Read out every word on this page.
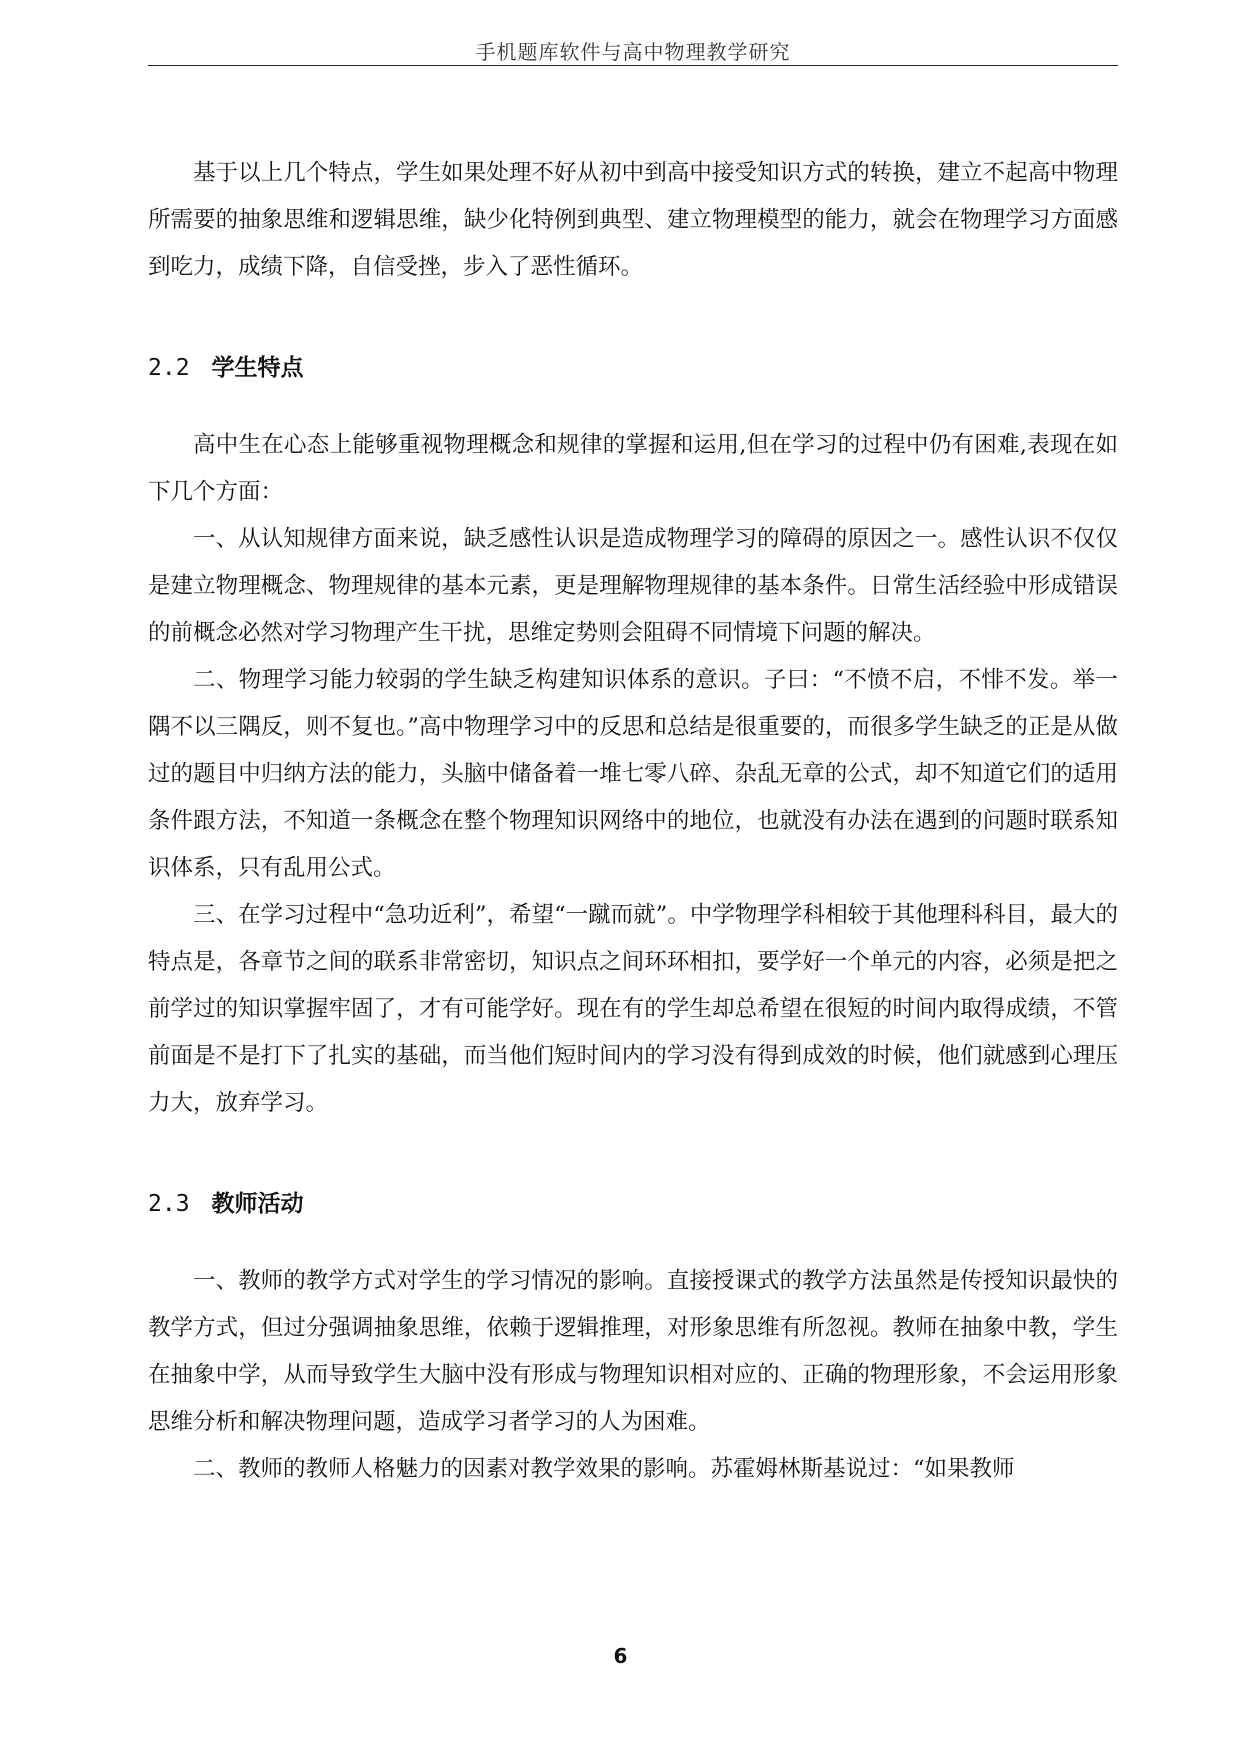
手机题库软件与高中物理教学研究

基于以上几个特点，学生如果处理不好从初中到高中接受知识方式的转换，建立不起高中物理所需要的抽象思维和逻辑思维，缺少化特例到典型、建立物理模型的能力，就会在物理学习方面感到吃力，成绩下降，自信受挫，步入了恶性循环。

2.2 学生特点

高中生在心态上能够重视物理概念和规律的掌握和运用,但在学习的过程中仍有困难,表现在如下几个方面：

一、从认知规律方面来说，缺乏感性认识是造成物理学习的障碍的原因之一。感性认识不仅仅是建立物理概念、物理规律的基本元素，更是理解物理规律的基本条件。日常生活经验中形成错误的前概念必然对学习物理产生干扰，思维定势则会阻碍不同情境下问题的解决。

二、物理学习能力较弱的学生缺乏构建知识体系的意识。子曰：“不愤不启，不悱不发。举一隅不以三隅反，则不复也。”高中物理学习中的反思和总结是很重要的，而很多学生缺乏的正是从做过的题目中归纳方法的能力，头脑中储备着一堆七零八碎、杂乱无章的公式，却不知道它们的适用条件跟方法，不知道一条概念在整个物理知识网络中的地位，也就没有办法在遇到的问题时联系知识体系，只有乱用公式。

三、在学习过程中“急功近利”，希望“一蹴而就”。中学物理学科相较于其他理科科目，最大的特点是，各章节之间的联系非常密切，知识点之间环环相扣，要学好一个单元的内容，必须是把之前学过的知识掌握牢固了，才有可能学好。现在有的学生却总希望在很短的时间内取得成绩，不管前面是不是打下了扎实的基础，而当他们短时间内的学习没有得到成效的时候，他们就感到心理压力大，放弃学习。

2.3 教师活动

一、教师的教学方式对学生的学习情况的影响。直接授课式的教学方法虽然是传授知识最快的教学方式，但过分强调抽象思维，依赖于逻辑推理，对形象思维有所忽视。教师在抽象中教，学生在抽象中学，从而导致学生大脑中没有形成与物理知识相对应的、正确的物理形象，不会运用形象思维分析和解决物理问题，造成学习者学习的人为困难。

二、教师的教师人格魅力的因素对教学效果的影响。苏霍姆林斯基说过：“如果教师

6
